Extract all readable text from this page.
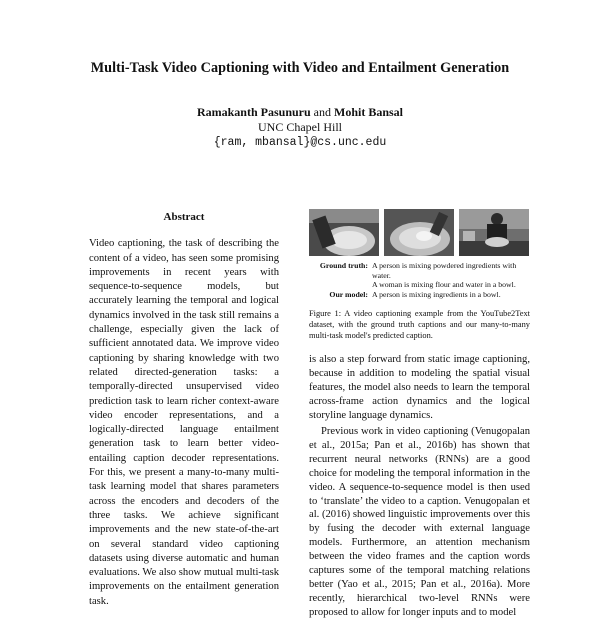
Multi-Task Video Captioning with Video and Entailment Generation
Ramakanth Pasunuru and Mohit Bansal
UNC Chapel Hill
{ram, mbansal}@cs.unc.edu
Abstract

Video captioning, the task of describing the content of a video, has seen some promising improvements in recent years with sequence-to-sequence models, but accurately learning the temporal and logical dynamics involved in the task still remains a challenge, especially given the lack of sufficient annotated data. We improve video captioning by sharing knowledge with two related directed-generation tasks: a temporally-directed unsupervised video prediction task to learn richer context-aware video encoder representations, and a logically-directed language entailment generation task to learn better video-entailing caption decoder representations. For this, we present a many-to-many multi-task learning model that shares parameters across the encoders and decoders of the three tasks. We achieve significant improvements and the new state-of-the-art on several standard video captioning datasets using diverse automatic and human evaluations. We also show mutual multi-task improvements on the entailment generation task.

Ground truth: A person is mixing powdered ingredients with water.
A woman is mixing flour and water in a bowl.
Our model: A person is mixing ingredients in a bowl.
Figure 1: A video captioning example from the YouTube2Text dataset, with the ground truth captions and our many-to-many multi-task model's predicted caption.

is also a step forward from static image captioning, because in addition to modeling the spatial visual features, the model also needs to learn the temporal across-frame action dynamics and the logical storyline language dynamics.

Previous work in video captioning (Venugopalan et al., 2015a; Pan et al., 2016b) has shown that recurrent neural networks (RNNs) are a good choice for modeling the temporal information in the video. A sequence-to-sequence model is then used to ‘translate’ the video to a caption. Venugopalan et al. (2016) showed linguistic improvements over this by fusing the decoder with external language models. Furthermore, an attention mechanism between the video frames and the caption words captures some of the temporal matching relations better (Yao et al., 2015; Pan et al., 2016a). More recently, hierarchical two-level RNNs were proposed to allow for longer inputs and to model
